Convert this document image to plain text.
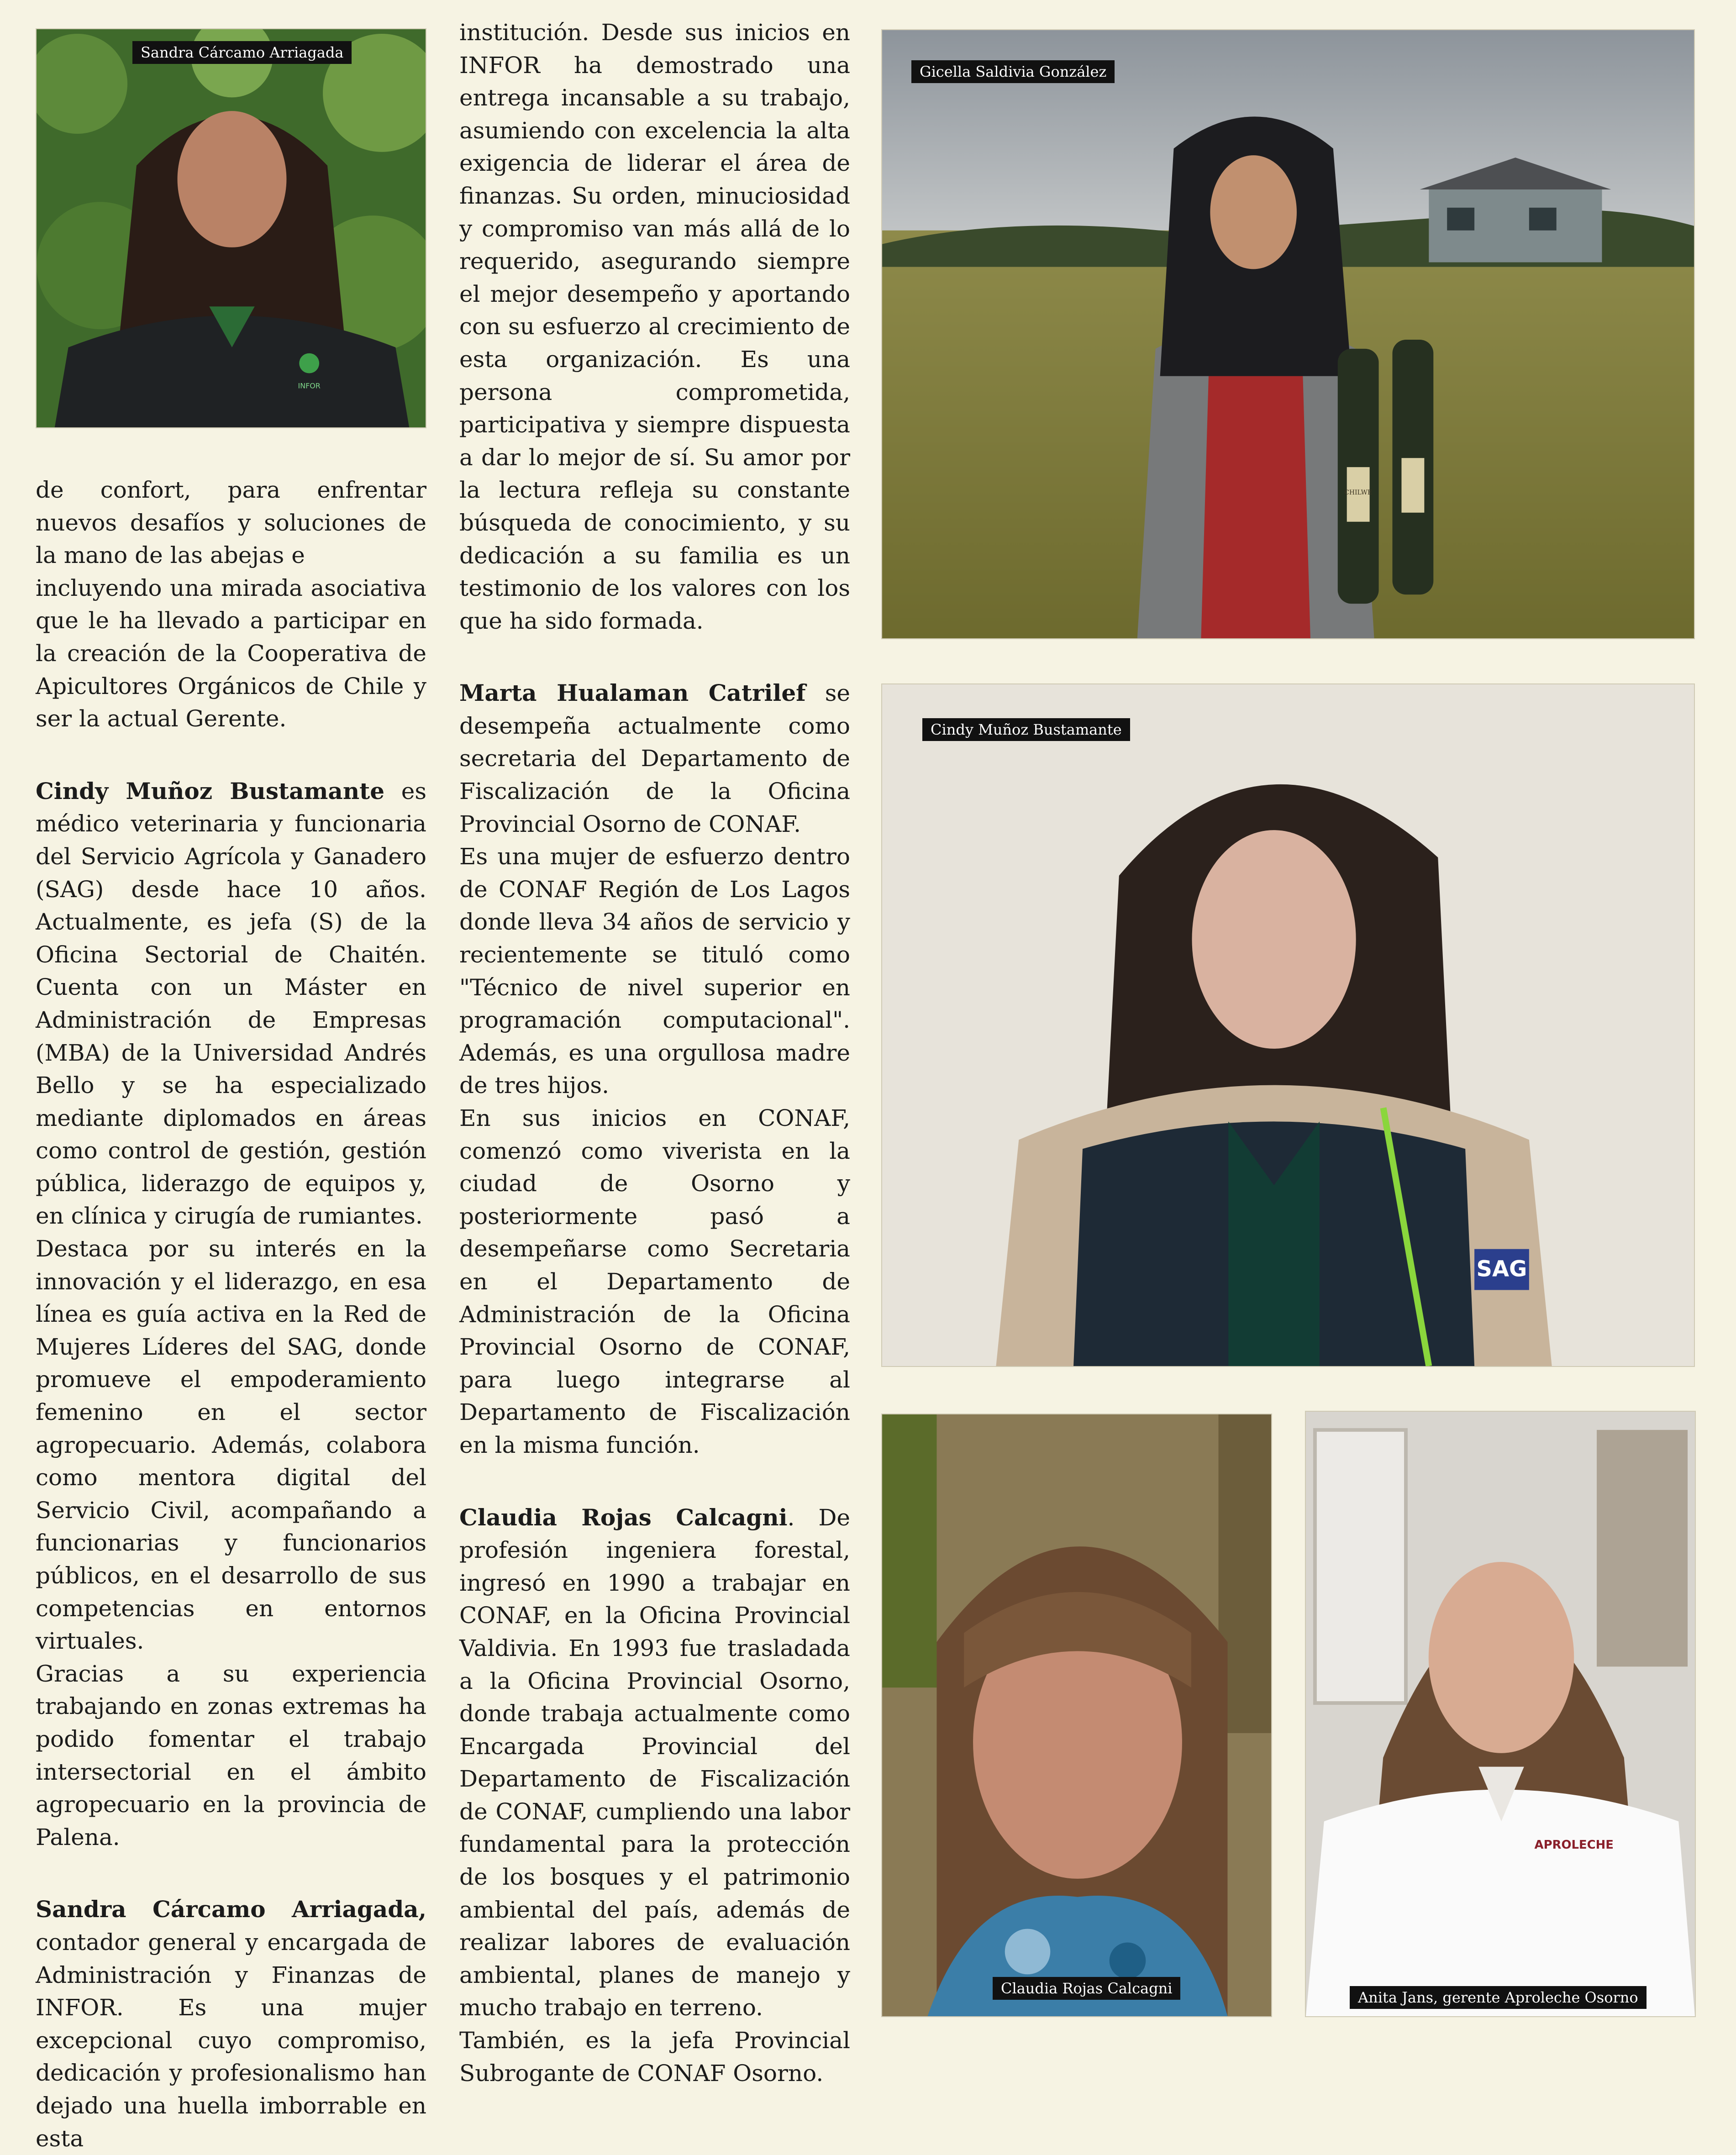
INFOR
Sandra Cárcamo Arriagada

de confort, para enfrentar nuevos desafíos y soluciones de la mano de las abejas e

incluyendo una mirada asociativa que le ha llevado a participar en la creación de la Cooperativa de Apicultores Orgánicos de Chile y ser la actual Gerente.

Cindy Muñoz Bustamante es médico veterinaria y funcionaria del Servicio Agrícola y Ganadero (SAG) desde hace 10 años. Actualmente, es jefa (S) de la Oficina Sectorial de Chaitén. Cuenta con un Máster en Administración de Empresas (MBA) de la Universidad Andrés Bello y se ha especializado mediante diplomados en áreas como control de gestión, gestión pública, liderazgo de equipos y, en clínica y cirugía de rumiantes.

Destaca por su interés en la innovación y el liderazgo, en esa línea es guía activa en la Red de Mujeres Líderes del SAG, donde promueve el empoderamiento femenino en el sector agropecuario. Además, colabora como mentora digital del Servicio Civil, acompañando a funcionarias y funcionarios públicos, en el desarrollo de sus competencias en entornos virtuales.

Gracias a su experiencia trabajando en zonas extremas ha podido fomentar el trabajo intersectorial en el ámbito agropecuario en la provincia de Palena.

Sandra Cárcamo Arriagada, contador general y encargada de Administración y Finanzas de INFOR. Es una mujer excepcional cuyo compromiso, dedicación y profesionalismo han dejado una huella imborrable en esta

institución. Desde sus inicios en INFOR ha demostrado una entrega incansable a su trabajo, asumiendo con excelencia la alta exigencia de liderar el área de finanzas. Su orden, minuciosidad y compromiso van más allá de lo requerido, asegurando siempre el mejor desempeño y aportando con su esfuerzo al crecimiento de esta organización. Es una persona comprometida, participativa y siempre dispuesta a dar lo mejor de sí. Su amor por la lectura refleja su constante búsqueda de conocimiento, y su dedicación a su familia es un testimonio de los valores con los que ha sido formada.

Marta Hualaman Catrilef se desempeña actualmente como secretaria del Departamento de Fiscalización de la Oficina Provincial Osorno de CONAF.

Es una mujer de esfuerzo dentro de CONAF Región de Los Lagos donde lleva 34 años de servicio y recientemente se tituló como "Técnico de nivel superior en programación computacional". Además, es una orgullosa madre de tres hijos.

En sus inicios en CONAF, comenzó como viverista en la ciudad de Osorno y posteriormente pasó a desempeñarse como Secretaria en el Departamento de Administración de la Oficina Provincial Osorno de CONAF, para luego integrarse al Departamento de Fiscalización en la misma función.

Claudia Rojas Calcagni. De profesión ingeniera forestal, ingresó en 1990 a trabajar en CONAF, en la Oficina Provincial Valdivia. En 1993 fue trasladada a la Oficina Provincial Osorno, donde trabaja actualmente como Encargada Provincial del Departamento de Fiscalización de CONAF, cumpliendo una labor fundamental para la protección de los bosques y el patrimonio ambiental del país, además de realizar labores de evaluación ambiental, planes de manejo y mucho trabajo en terreno.

También, es la jefa Provincial Subrogante de CONAF Osorno.

CHILWE
Gicella Saldivia González
SAG
Cindy Muñoz Bustamante
Claudia Rojas Calcagni
APROLECHE
Anita Jans, gerente Aproleche Osorno
